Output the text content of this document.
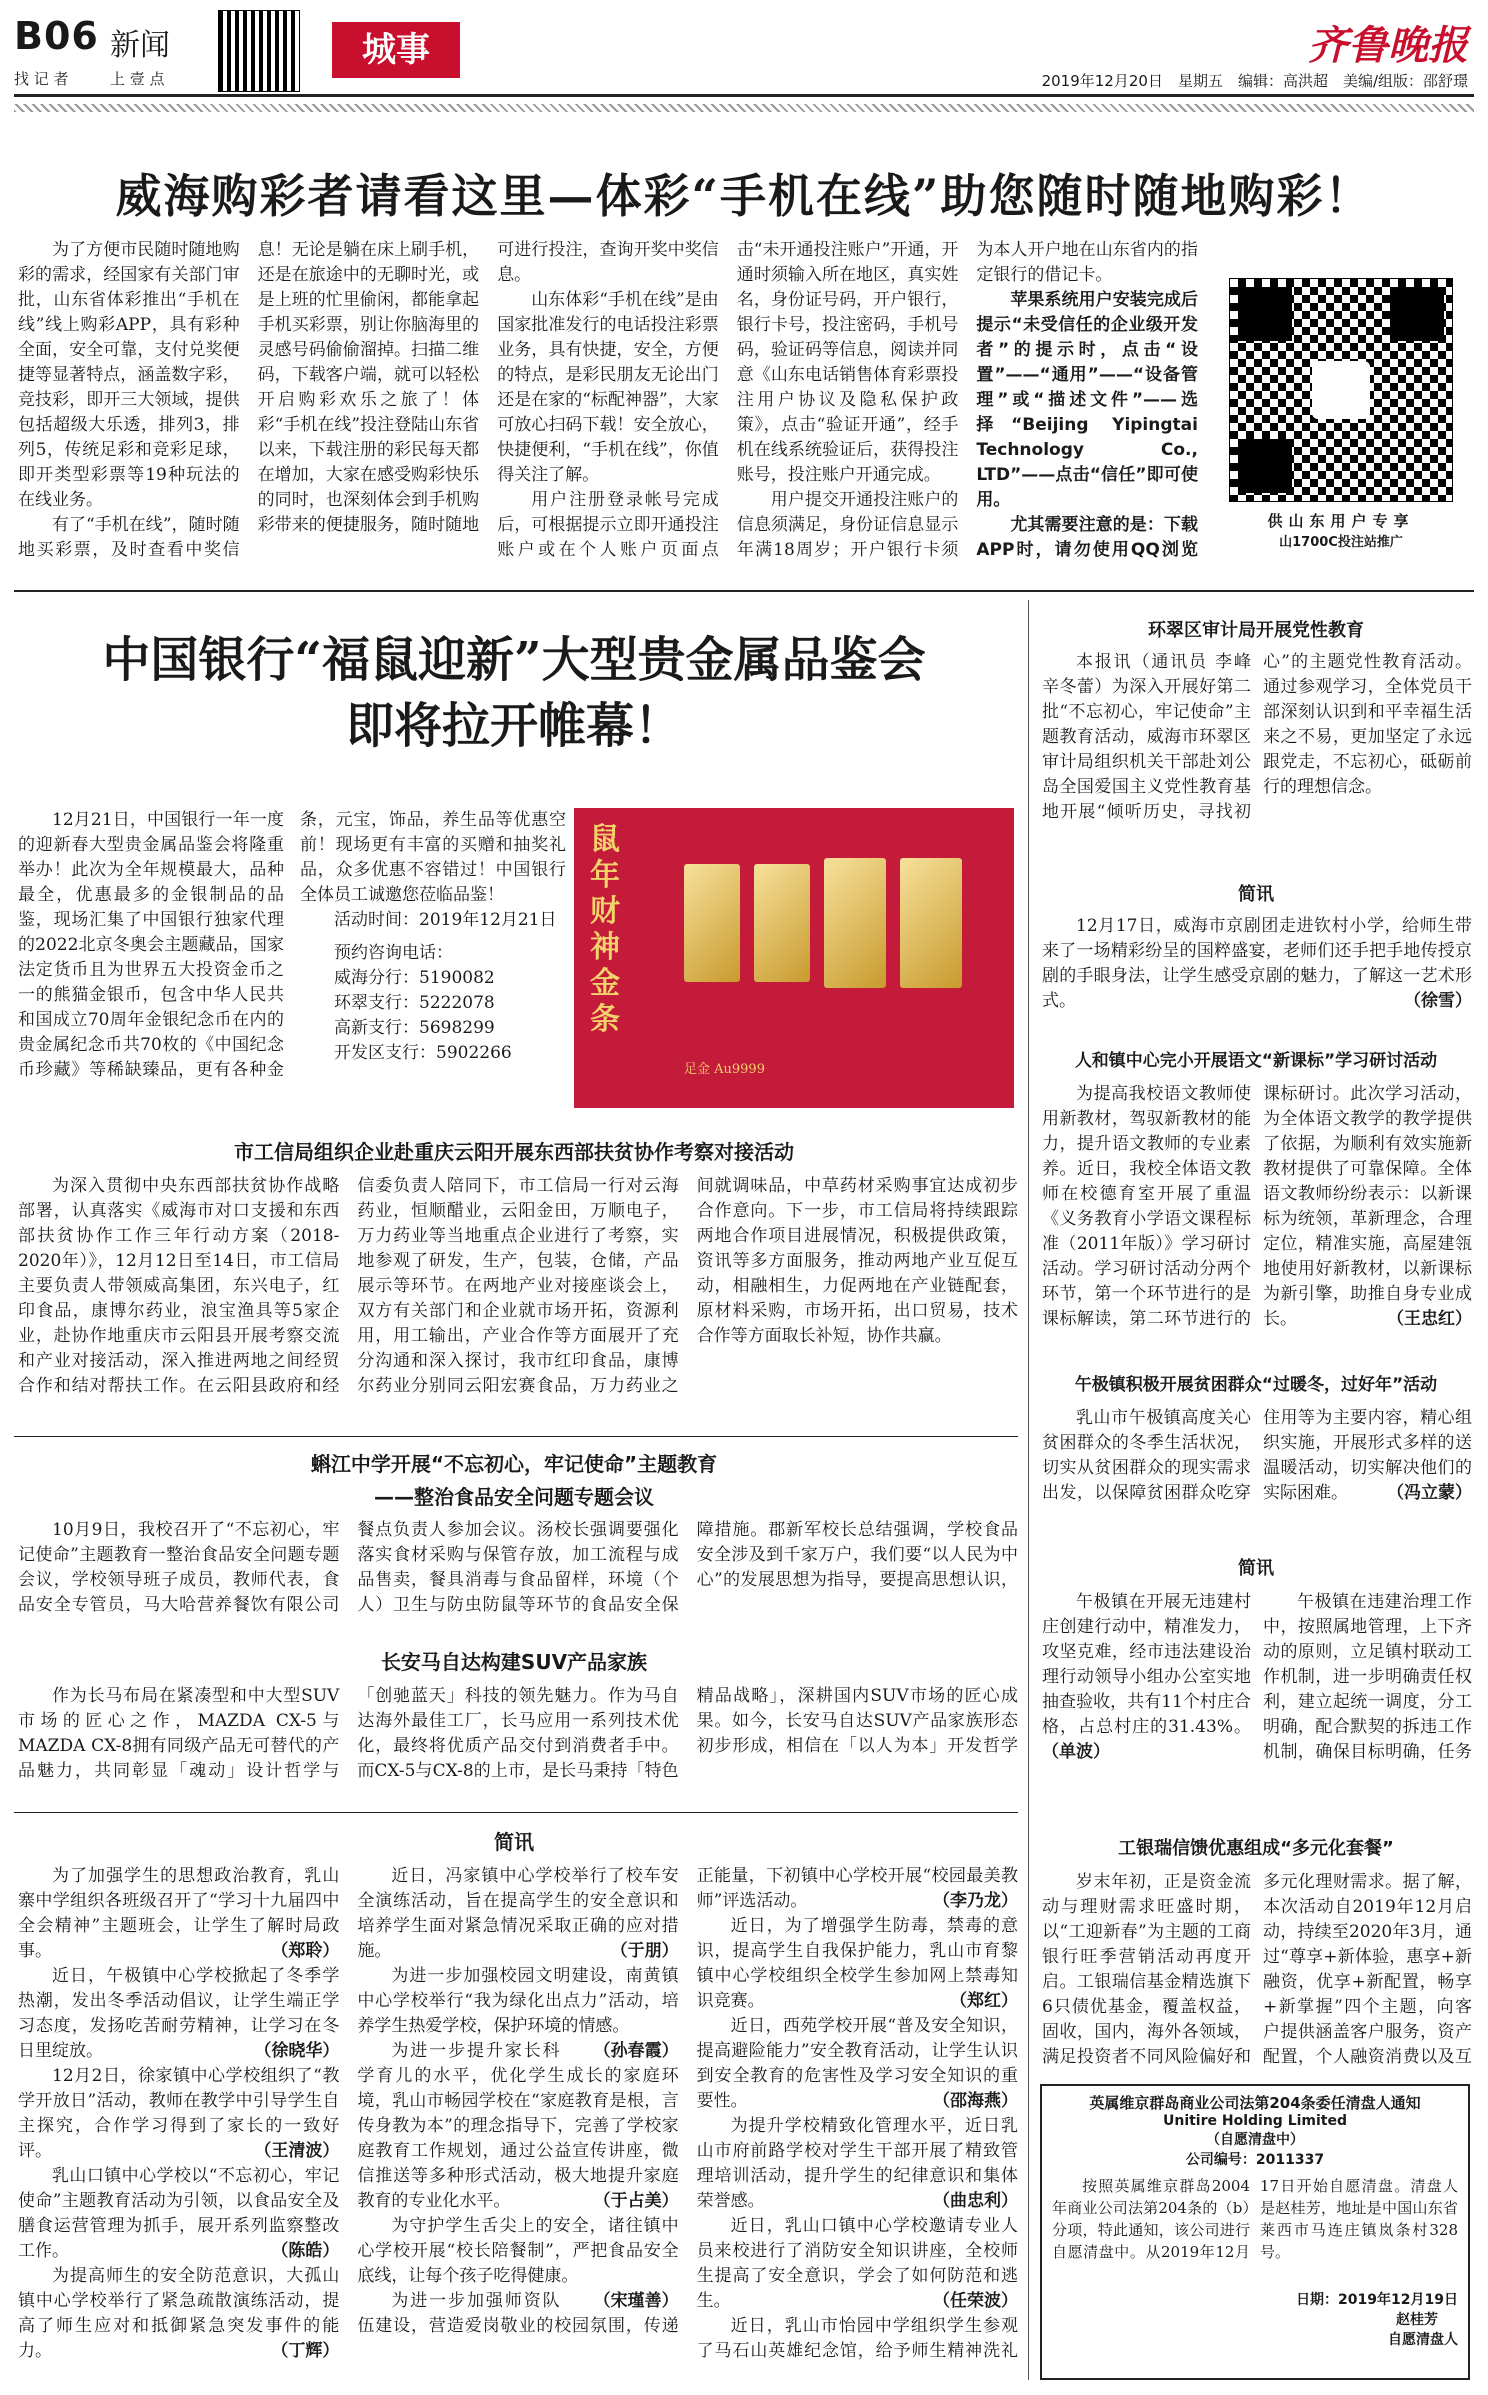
B06 新闻
找 记 者	上 壹 点
城事	齐鲁晚报
2019年12月20日　星期五　编辑：高洪超　美编/组版：邵舒璟
威海购彩者请看这里—体彩“手机在线”助您随时随地购彩！

为了方便市民随时随地购彩的需求，经国家有关部门审批，山东省体彩推出“手机在线”线上购彩APP，具有彩种全面，安全可靠，支付兑奖便捷等显著特点，涵盖数字彩，竞技彩，即开三大领域，提供包括超级大乐透，排列3，排列5，传统足彩和竞彩足球，即开类型彩票等19种玩法的在线业务。

有了“手机在线”，随时随地买彩票，及时查看中奖信息！无论是躺在床上刷手机，还是在旅途中的无聊时光，或是上班的忙里偷闲，都能拿起手机买彩票，别让你脑海里的灵感号码偷偷溜掉。扫描二维码，下载客户端，就可以轻松开启购彩欢乐之旅了！体彩“手机在线”投注登陆山东省以来，下载注册的彩民每天都在增加，大家在感受购彩快乐的同时，也深刻体会到手机购彩带来的便捷服务，随时随地可进行投注，查询开奖中奖信息。

山东体彩“手机在线”是由国家批准发行的电话投注彩票业务，具有快捷，安全，方便的特点，是彩民朋友无论出门还是在家的“标配神器”，大家可放心扫码下载！安全放心，快捷便利，“手机在线”，你值得关注了解。

用户注册登录帐号完成后，可根据提示立即开通投注账户或在个人账户页面点击“未开通投注账户”开通，开通时须输入所在地区，真实姓名，身份证号码，开户银行，银行卡号，投注密码，手机号码，验证码等信息，阅读并同意《山东电话销售体育彩票投注用户协议及隐私保护政策》，点击“验证开通”，经手机在线系统验证后，获得投注账号，投注账户开通完成。

用户提交开通投注账户的信息须满足，身份证信息显示年满18周岁；开户银行卡须为本人开户地在山东省内的指定银行的借记卡。

苹果系统用户安装完成后提示“未受信任的企业级开发者”的提示时，点击“设置”——“通用”——“设备管理”或“描述文件”——选择“Beijing Yipingtai Technology Co., LTD”——点击“信任”即可使用。

尤其需要注意的是：下载APP时，请勿使用QQ浏览

供山东用户专享
山1700C投注站推广
中国银行“福鼠迎新”大型贵金属品鉴会
即将拉开帷幕！

12月21日，中国银行一年一度的迎新春大型贵金属品鉴会将隆重举办！此次为全年规模最大，品种最全，优惠最多的金银制品的品鉴，现场汇集了中国银行独家代理的2022北京冬奥会主题藏品，国家法定货币且为世界五大投资金币之一的熊猫金银币，包含中华人民共和国成立70周年金银纪念币在内的贵金属纪念币共70枚的《中国纪念币珍藏》等稀缺臻品，更有各种金条，元宝，饰品，养生品等优惠空前！现场更有丰富的买赠和抽奖礼品，众多优惠不容错过！中国银行全体员工诚邀您莅临品鉴！

活动时间：2019年12月21日

预约咨询电话：

威海分行：5190082

环翠支行：5222078

高新支行：5698299

开发区支行：5902266

鼠年 财神金条
足金 Au9999
市工信局组织企业赴重庆云阳开展东西部扶贫协作考察对接活动

为深入贯彻中央东西部扶贫协作战略部署，认真落实《威海市对口支援和东西部扶贫协作工作三年行动方案（2018-2020年）》，12月12日至14日，市工信局主要负责人带领威高集团，东兴电子，红印食品，康博尔药业，浪宝渔具等5家企业，赴协作地重庆市云阳县开展考察交流和产业对接活动，深入推进两地之间经贸合作和结对帮扶工作。在云阳县政府和经信委负责人陪同下，市工信局一行对云海药业，恒顺醋业，云阳金田，万顺电子，万力药业等当地重点企业进行了考察，实地参观了研发，生产，包装，仓储，产品展示等环节。在两地产业对接座谈会上，双方有关部门和企业就市场开拓，资源利用，用工输出，产业合作等方面展开了充分沟通和深入探讨，我市红印食品，康博尔药业分别同云阳宏赛食品，万力药业之间就调味品，中草药材采购事宜达成初步合作意向。下一步，市工信局将持续跟踪两地合作项目进展情况，积极提供政策，资讯等多方面服务，推动两地产业互促互动，相融相生，力促两地在产业链配套，原材料采购，市场开拓，出口贸易，技术合作等方面取长补短，协作共赢。

蝌江中学开展“不忘初心，牢记使命”主题教育
——整治食品安全问题专题会议

10月9日，我校召开了“不忘初心，牢记使命”主题教育一整治食品安全问题专题会议，学校领导班子成员，教师代表，食品安全专管员，马大哈营养餐饮有限公司餐点负责人参加会议。汤校长强调要强化落实食材采购与保管存放，加工流程与成品售卖，餐具消毒与食品留样，环境（个人）卫生与防虫防鼠等环节的食品安全保障措施。郡新军校长总结强调，学校食品安全涉及到千家万户，我们要“以人民为中心”的发展思想为指导，要提高思想认识，

长安马自达构建SUV产品家族

作为长马布局在紧凑型和中大型SUV市场的匠心之作，MAZDA CX-5与MAZDA CX-8拥有同级产品无可替代的产品魅力，共同彰显「魂动」设计哲学与「创驰蓝天」科技的领先魅力。作为马自达海外最佳工厂，长马应用一系列技术优化，最终将优质产品交付到消费者手中。而CX-5与CX-8的上市，是长马秉持「特色精品战略」，深耕国内SUV市场的匠心成果。如今，长安马自达SUV产品家族形态初步形成，相信在「以人为本」开发哲学

简讯

为了加强学生的思想政治教育，乳山寨中学组织各班级召开了“学习十九届四中全会精神”主题班会，让学生了解时局政事。	（郑聆）

近日，午极镇中心学校掀起了冬季学热潮，发出冬季活动倡议，让学生端正学习态度，发扬吃苦耐劳精神，让学习在冬日里绽放。	（徐晓华）

12月2日，徐家镇中心学校组织了“教学开放日”活动，教师在教学中引导学生自主探究，合作学习得到了家长的一致好评。	（王清波）

乳山口镇中心学校以“不忘初心，牢记使命”主题教育活动为引领，以食品安全及膳食运营管理为抓手，展开系列监察整改工作。	（陈皓）

为提高师生的安全防范意识，大孤山镇中心学校举行了紧急疏散演练活动，提高了师生应对和抵御紧急突发事件的能力。	（丁辉）

近日，冯家镇中心学校举行了校车安全演练活动，旨在提高学生的安全意识和培养学生面对紧急情况采取正确的应对措施。	（于朋）

为进一步加强校园文明建设，南黄镇中心学校举行“我为绿化出点力”活动，培养学生热爱学校，保护环境的情感。
（孙春霞）

为进一步提升家长科学育儿的水平，优化学生成长的家庭环境，乳山市畅园学校在“家庭教育是根，言传身教为本”的理念指导下，完善了学校家庭教育工作规划，通过公益宣传讲座，微信推送等多种形式活动，极大地提升家庭教育的专业化水平。	（于占美）

为守护学生舌尖上的安全，诸往镇中心学校开展“校长陪餐制”，严把食品安全底线，让每个孩子吃得健康。
（宋瑾善）

为进一步加强师资队伍建设，营造爱岗敬业的校园氛围，传递正能量，下初镇中心学校开展“校园最美教师”评选活动。	（李乃龙）

近日，为了增强学生防毒，禁毒的意识，提高学生自我保护能力，乳山市育黎镇中心学校组织全校学生参加网上禁毒知识竞赛。	（郑红）

近日，西苑学校开展“普及安全知识，提高避险能力”安全教育活动，让学生认识到安全教育的危害性及学习安全知识的重要性。	（邵海燕）

为提升学校精致化管理水平，近日乳山市府前路学校对学生干部开展了精致管理培训活动，提升学生的纪律意识和集体荣誉感。	（曲忠利）

近日，乳山口镇中心学校邀请专业人员来校进行了消防安全知识讲座，全校师生提高了安全意识，学会了如何防范和逃生。	（任荣波）

近日，乳山市怡园中学组织学生参观了马石山英雄纪念馆，给予师生精神洗礼

环翠区审计局开展党性教育

本报讯（通讯员 李峰 辛冬蕾）为深入开展好第二批“不忘初心，牢记使命”主题教育活动，威海市环翠区审计局组织机关干部赴刘公岛全国爱国主义党性教育基地开展“倾听历史，寻找初心”的主题党性教育活动。通过参观学习，全体党员干部深刻认识到和平幸福生活来之不易，更加坚定了永远跟党走，不忘初心，砥砺前行的理想信念。

简讯

12月17日，威海市京剧团走进钦村小学，给师生带来了一场精彩纷呈的国粹盛宴，老师们还手把手地传授京剧的手眼身法，让学生感受京剧的魅力，了解这一艺术形式。	（徐雪）

人和镇中心完小开展语文“新课标”学习研讨活动

为提高我校语文教师使用新教材，驾驭新教材的能力，提升语文教师的专业素养。近日，我校全体语文教师在校德育室开展了重温《义务教育小学语文课程标准（2011年版）》学习研讨活动。学习研讨活动分两个环节，第一个环节进行的是课标解读，第二环节进行的课标研讨。此次学习活动，为全体语文教学的教学提供了依据，为顺利有效实施新教材提供了可靠保障。全体语文教师纷纷表示：以新课标为统领，革新理念，合理定位，精准实施，高屋建瓴地使用好新教材，以新课标为新引擎，助推自身专业成长。	（王忠红）

午极镇积极开展贫困群众“过暖冬，过好年”活动

乳山市午极镇高度关心贫困群众的冬季生活状况，切实从贫困群众的现实需求出发，以保障贫困群众吃穿住用等为主要内容，精心组织实施，开展形式多样的送温暖活动，切实解决他们的实际困难。	（冯立蒙）

简讯

午极镇在开展无违建村庄创建行动中，精准发力，攻坚克难，经市违法建设治理行动领导小组办公室实地抽查验收，共有11个村庄合格，占总村庄的31.43%。（单波）

午极镇在违建治理工作中，按照属地管理，上下齐动的原则，立足镇村联动工作机制，进一步明确责任权利，建立起统一调度，分工明确，配合默契的拆违工作机制，确保目标明确，任务

工银瑞信馈优惠组成“多元化套餐”

岁末年初，正是资金流动与理财需求旺盛时期，以“工迎新春”为主题的工商银行旺季营销活动再度开启。工银瑞信基金精选旗下6只债优基金，覆盖权益，固收，国内，海外各领域，满足投资者不同风险偏好和多元化理财需求。据了解，本次活动自2019年12月启动，持续至2020年3月，通过“尊享+新体验，惠享+新融资，优享+新配置，畅享+新掌握”四个主题，向客户提供涵盖客户服务，资产配置，个人融资消费以及互

英属维京群岛商业公司法第204条委任清盘人通知
Unitire Holding Limited
（自愿清盘中）
公司编号：2011337

按照英属维京群岛2004年商业公司法第204条的（b）分项，特此通知，该公司进行自愿清盘中。从2019年12月17日开始自愿清盘。清盘人是赵桂芳，地址是中国山东省莱西市马连庄镇岚条村328号。

日期：2019年12月19日
赵桂芳
自愿清盘人
